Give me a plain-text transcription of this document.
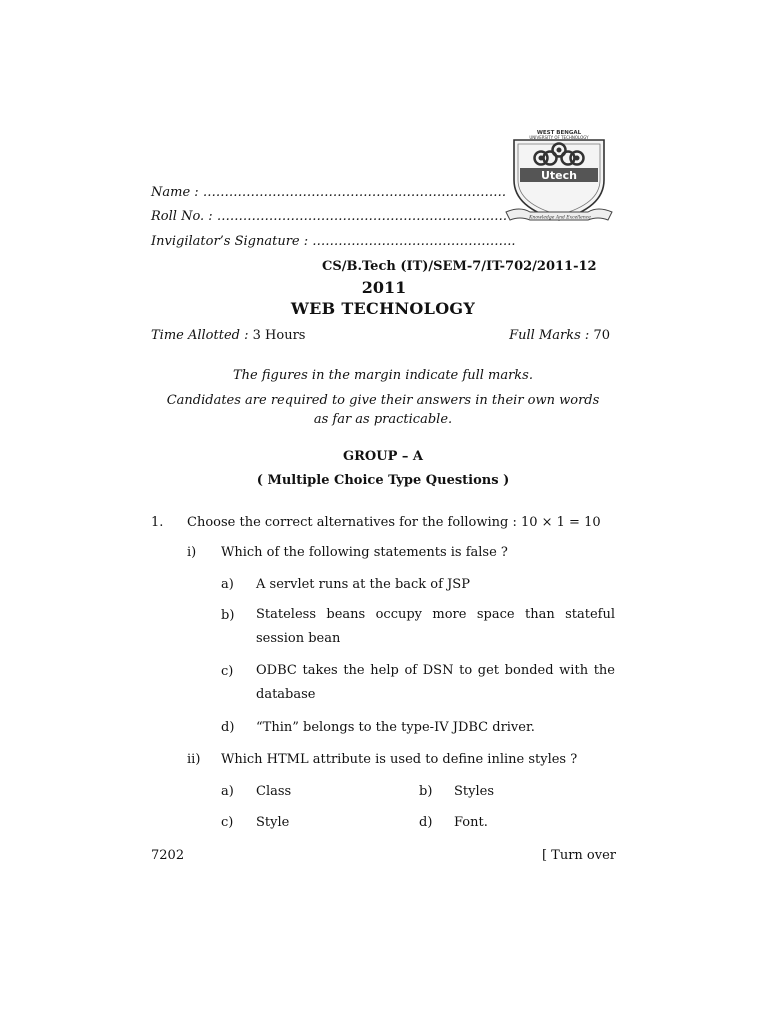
WEST BENGAL
UNIVERSITY OF TECHNOLOGY
Utech
Knowledge And Excellence
Name : …………………………………………………………….
Roll No. : ………………………………………………………….
Invigilator’s Signature : ………………………………………..
CS/B.Tech (IT)/SEM-7/IT-702/2011-12
2011
WEB TECHNOLOGY
Time Allotted : 3 Hours	Full Marks : 70
The figures in the margin indicate full marks.
Candidates are required to give their answers in their own words
as far as practicable.
GROUP – A
( Multiple Choice Type Questions )
1. Choose the correct alternatives for the following : 10 × 1 = 10
i) Which of the following statements is false ?
a) A servlet runs at the back of JSP
b) Stateless beans occupy more space than stateful session bean
c) ODBC takes the help of DSN to get bonded with the database
d) “Thin” belongs to the type-IV JDBC driver.
ii) Which HTML attribute is used to define inline styles ?
a) Class	b) Styles
c) Style	d) Font.
7202	[ Turn over
